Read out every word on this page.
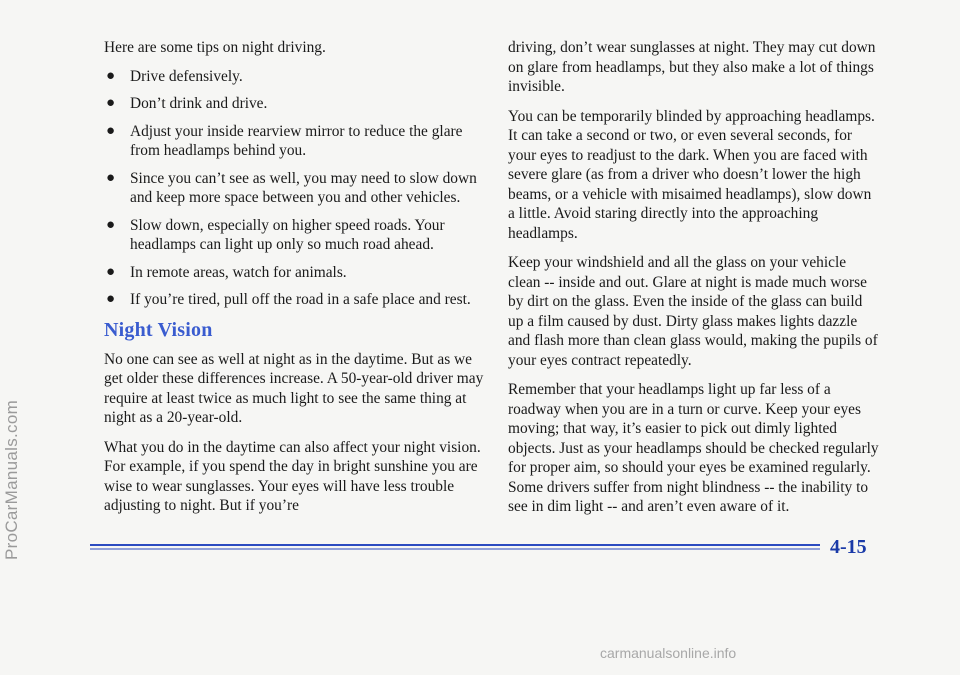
Here are some tips on night driving.

● Drive defensively.
● Don’t drink and drive.
● Adjust your inside rearview mirror to reduce the glare from headlamps behind you.
● Since you can’t see as well, you may need to slow down and keep more space between you and other vehicles.
● Slow down, especially on higher speed roads. Your headlamps can light up only so much road ahead.
● In remote areas, watch for animals.
● If you’re tired, pull off the road in a safe place and rest.
Night Vision

No one can see as well at night as in the daytime. But as we get older these differences increase. A 50-year-old driver may require at least twice as much light to see the same thing at night as a 20-year-old.

What you do in the daytime can also affect your night vision. For example, if you spend the day in bright sunshine you are wise to wear sunglasses. Your eyes will have less trouble adjusting to night. But if you’re

driving, don’t wear sunglasses at night. They may cut down on glare from headlamps, but they also make a lot of things invisible.

You can be temporarily blinded by approaching headlamps. It can take a second or two, or even several seconds, for your eyes to readjust to the dark. When you are faced with severe glare (as from a driver who doesn’t lower the high beams, or a vehicle with misaimed headlamps), slow down a little. Avoid staring directly into the approaching headlamps.

Keep your windshield and all the glass on your vehicle clean -- inside and out. Glare at night is made much worse by dirt on the glass. Even the inside of the glass can build up a film caused by dust. Dirty glass makes lights dazzle and flash more than clean glass would, making the pupils of your eyes contract repeatedly.

Remember that your headlamps light up far less of a roadway when you are in a turn or curve. Keep your eyes moving; that way, it’s easier to pick out dimly lighted objects. Just as your headlamps should be checked regularly for proper aim, so should your eyes be examined regularly. Some drivers suffer from night blindness -- the inability to see in dim light -- and aren’t even aware of it.

4-15
ProCarManuals.com
carmanualsonline.info
